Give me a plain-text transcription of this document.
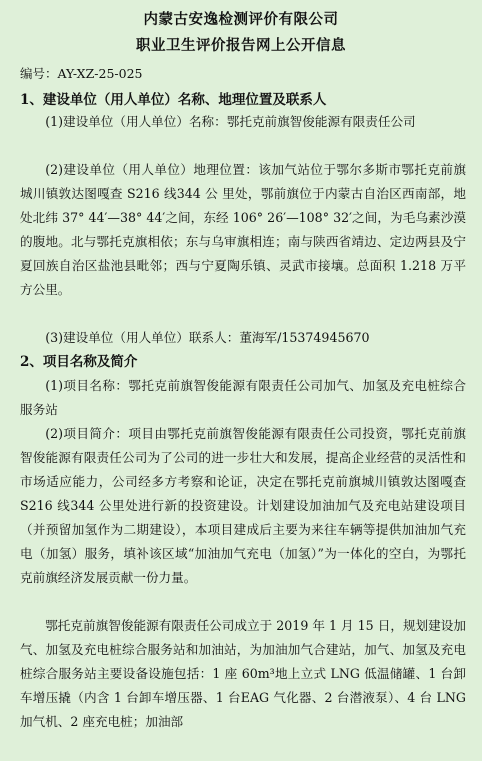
内蒙古安逸检测评价有限公司
职业卫生评价报告网上公开信息
编号：AY-XZ-25-025
1、建设单位（用人单位）名称、地理位置及联系人
(1)建设单位（用人单位）名称：鄂托克前旗智俊能源有限责任公司
(2)建设单位（用人单位）地理位置：该加气站位于鄂尔多斯市鄂托克前旗城川镇敦达图嘎查 S216 线344 公 里处，鄂前旗位于内蒙古自治区西南部，地处北纬 37° 44′—38° 44′之间，东经 106° 26′—108° 32′之间，为毛乌素沙漠的腹地。北与鄂托克旗相依；东与乌审旗相连；南与陕西省靖边、定边两县及宁夏回族自治区盐池县毗邻；西与宁夏陶乐镇、灵武市接壤。总面积 1.218 万平方公里。
(3)建设单位（用人单位）联系人：董海军/15374945670
2、项目名称及简介
(1)项目名称：鄂托克前旗智俊能源有限责任公司加气、加氢及充电桩综合服务站
(2)项目简介：项目由鄂托克前旗智俊能源有限责任公司投资，鄂托克前旗智俊能源有限责任公司为了公司的进一步壮大和发展，提高企业经营的灵活性和市场适应能力，公司经多方考察和论证，决定在鄂托克前旗城川镇敦达图嘎查S216 线344 公里处进行新的投资建设。计划建设加油加气及充电站建设项目（并预留加氢作为二期建设），本项目建成后主要为来往车辆等提供加油加气充电（加氢）服务，填补该区域“加油加气充电（加氢）”为一体化的空白，为鄂托克前旗经济发展贡献一份力量。
鄂托克前旗智俊能源有限责任公司成立于 2019 年 1 月 15 日，规划建设加气、加氢及充电桩综合服务站和加油站，为加油加气合建站，加气、加氢及充电桩综合服务站主要设备设施包括：1 座 60m³地上立式 LNG 低温储罐、1 台卸车增压撬（内含 1 台卸车增压器、1 台EAG 气化器、2 台潜液泵）、4 台 LNG 加气机、2 座充电桩；加油部
